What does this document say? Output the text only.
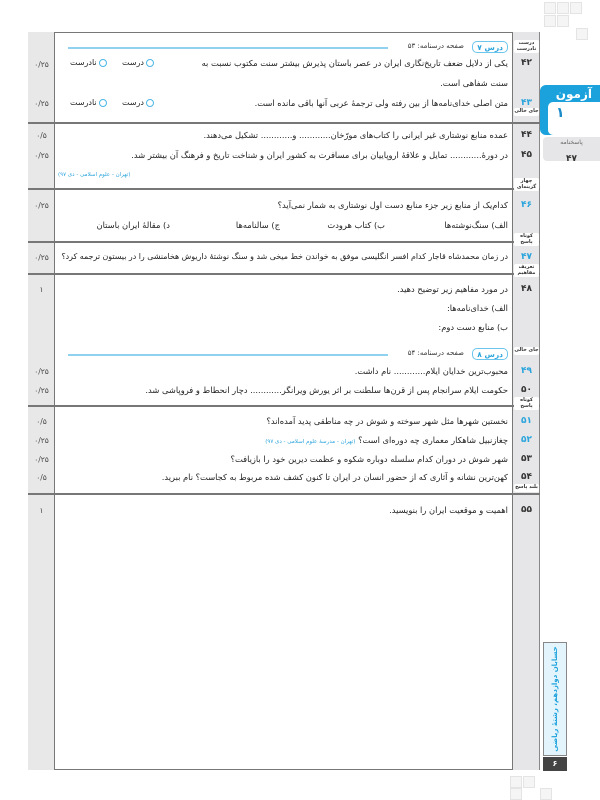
درست نادرست
جای خالی
چهار گزینه‌ای
کوتاه پاسخ
تعریف مفاهیم
جای خالی
کوتاه پاسخ
بلند پاسخ
درس ۷
صفحه درسنامه: ۵۳
۴۲
یکی از دلایل ضعف تاریخ‌نگاری ایران در عصر باستان پذیرش بیشتر سنت مکتوب نسبت به
سنت شفاهی است.
۰/۲۵	درست
نادرست
۴۳
متن اصلی خدای‌نامه‌ها از بین رفته ولی ترجمهٔ عربی آنها باقی مانده است.
۰/۲۵	درست
نادرست
۴۴
عمده منابع نوشتاری غیر ایرانی را کتاب‌های مورّخان............ و............ تشکیل می‌دهند.
۰/۵
۴۵
در دورهٔ............ تمایل و علاقهٔ اروپاییان برای مسافرت به کشور ایران و شناخت تاریخ و فرهنگ آن بیشتر شد.
۰/۲۵
(تهران - علوم اسلامی - دی ۹۷)
۴۶
کدام‌یک از منابع زیر جزء منابع دست اول نوشتاری به شمار نمی‌آید؟
۰/۲۵
الف) سنگ‌نوشته‌ها
ب) کتاب هرودت
ج) سالنامه‌ها
د) مقالهٔ ایران باستان
۴۷
در زمان محمدشاه قاجار کدام افسر انگلیسی موفق به خواندن خط میخی شد و سنگ نوشتهٔ داریوش هخامنشی را در بیستون ترجمه کرد؟
۰/۲۵
۴۸
در مورد مفاهیم زیر توضیح دهید.
۱
الف) خدای‌نامه‌ها:
ب) منابع دست دوم:
درس ۸
صفحه درسنامه: ۵۴
۴۹
محبوب‌ترین خدایان ایلام............ نام داشت.
۰/۲۵
۵۰
حکومت ایلام سرانجام پس از قرن‌ها سلطنت بر اثر یورش ویرانگر............ دچار انحطاط و فروپاشی شد.
۰/۲۵
۵۱
نخستین شهرها مثل شهر سوخته و شوش در چه مناطقی پدید آمده‌اند؟
۰/۵
۵۲
چغازنبیل شاهکار معماری چه دوره‌ای است؟ (تهران - مدرسهٔ علوم اسلامی - دی ۹۷)
۰/۲۵
۵۳
شهر شوش در دوران کدام سلسله دوباره شکوه و عظمت دیرین خود را بازیافت؟
۰/۲۵
۵۴
کهن‌ترین نشانه و آثاری که از حضور انسان در ایران تا کنون کشف شده مربوط به کجاست؟ نام ببرید.
۰/۵
۵۵
اهمیت و موقعیت ایران را بنویسید.
۱
آزمون
۱
پاسخنامه
۴۷
حسابان دوازدهم، رشتهٔ ریاضی
۶
